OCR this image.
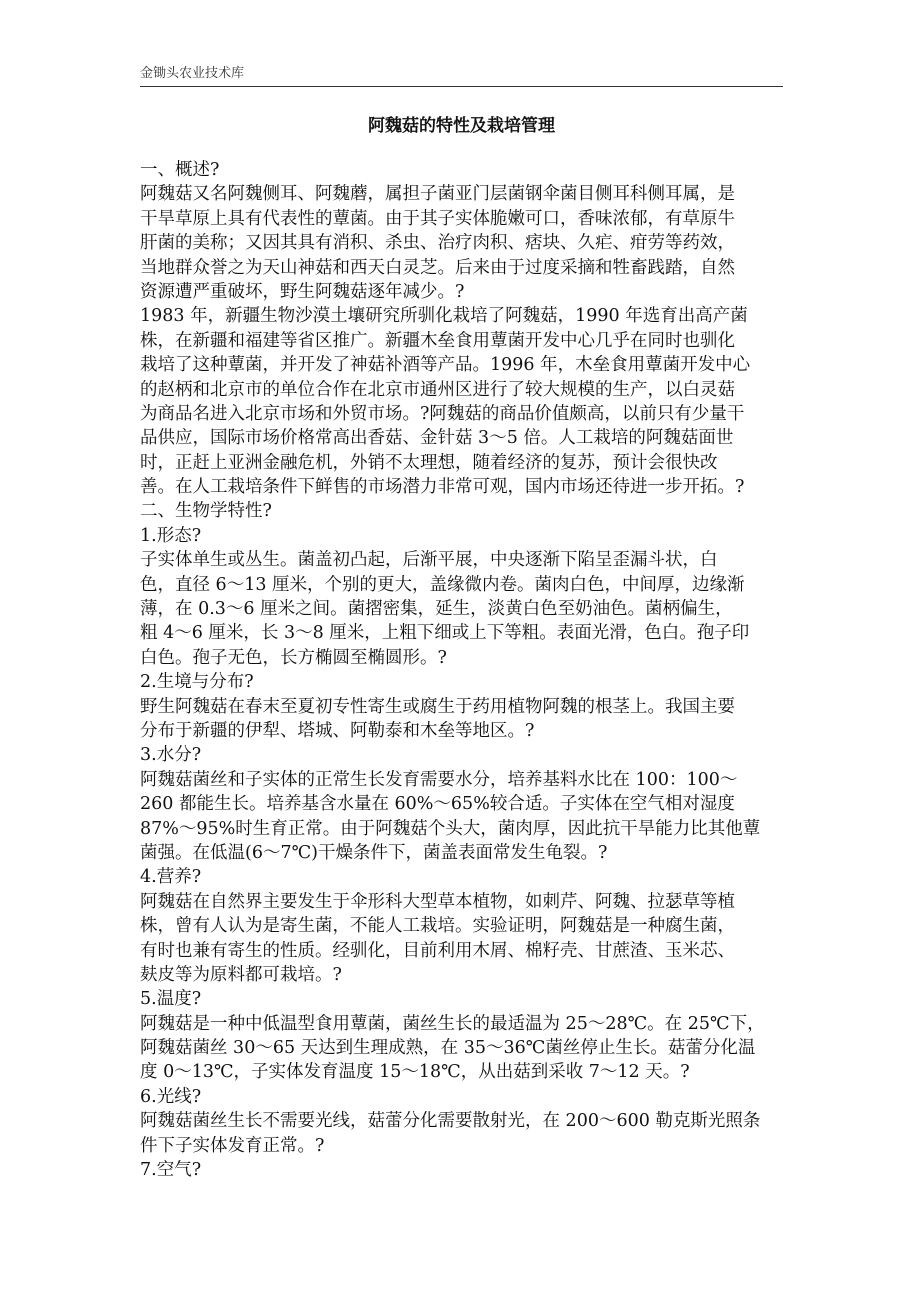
金锄头农业技术库
阿魏菇的特性及栽培管理
一、概述?
阿魏菇又名阿魏侧耳、阿魏蘑，属担子菌亚门层菌钢伞菌目侧耳科侧耳属，是
干旱草原上具有代表性的蕈菌。由于其子实体脆嫩可口，香味浓郁，有草原牛
肝菌的美称；又因其具有消积、杀虫、治疗肉积、痞块、久疟、疳劳等药效，
当地群众誉之为天山神菇和西天白灵芝。后来由于过度采摘和牲畜践踏，自然
资源遭严重破坏，野生阿魏菇逐年减少。?
1983 年，新疆生物沙漠土壤研究所驯化栽培了阿魏菇，1990 年选育出高产菌
株，在新疆和福建等省区推广。新疆木垒食用蕈菌开发中心几乎在同时也驯化
栽培了这种蕈菌，并开发了神菇补酒等产品。1996 年，木垒食用蕈菌开发中心
的赵柄和北京市的单位合作在北京市通州区进行了较大规模的生产，以白灵菇
为商品名进入北京市场和外贸市场。?阿魏菇的商品价值颇高，以前只有少量干
品供应，国际市场价格常高出香菇、金针菇 3～5 倍。人工栽培的阿魏菇面世
时，正赶上亚洲金融危机，外销不太理想，随着经济的复苏，预计会很快改
善。在人工栽培条件下鲜售的市场潜力非常可观，国内市场还待进一步开拓。?
二、生物学特性?
1.形态?
子实体单生或丛生。菌盖初凸起，后渐平展，中央逐渐下陷呈歪漏斗状，白
色，直径 6～13 厘米，个别的更大，盖缘微内卷。菌肉白色，中间厚，边缘渐
薄，在 0.3～6 厘米之间。菌摺密集，延生，淡黄白色至奶油色。菌柄偏生，
粗 4～6 厘米，长 3～8 厘米，上粗下细或上下等粗。表面光滑，色白。孢子印
白色。孢子无色，长方椭圆至椭圆形。?
2.生境与分布?
野生阿魏菇在春末至夏初专性寄生或腐生于药用植物阿魏的根茎上。我国主要
分布于新疆的伊犁、塔城、阿勒泰和木垒等地区。?
3.水分?
阿魏菇菌丝和子实体的正常生长发育需要水分，培养基料水比在 100：100～
260 都能生长。培养基含水量在 60%～65%较合适。子实体在空气相对湿度
87%～95%时生育正常。由于阿魏菇个头大，菌肉厚，因此抗干旱能力比其他蕈
菌强。在低温(6～7℃)干燥条件下，菌盖表面常发生龟裂。?
4.营养?
阿魏菇在自然界主要发生于伞形科大型草本植物，如刺芹、阿魏、拉瑟草等植
株，曾有人认为是寄生菌，不能人工栽培。实验证明，阿魏菇是一种腐生菌，
有时也兼有寄生的性质。经驯化，目前利用木屑、棉籽壳、甘蔗渣、玉米芯、
麸皮等为原料都可栽培。?
5.温度?
阿魏菇是一种中低温型食用蕈菌，菌丝生长的最适温为 25～28℃。在 25℃下，
阿魏菇菌丝 30～65 天达到生理成熟，在 35～36℃菌丝停止生长。菇蕾分化温
度 0～13℃，子实体发育温度 15～18℃，从出菇到采收 7～12 天。?
6.光线?
阿魏菇菌丝生长不需要光线，菇蕾分化需要散射光，在 200～600 勒克斯光照条
件下子实体发育正常。?
7.空气?
